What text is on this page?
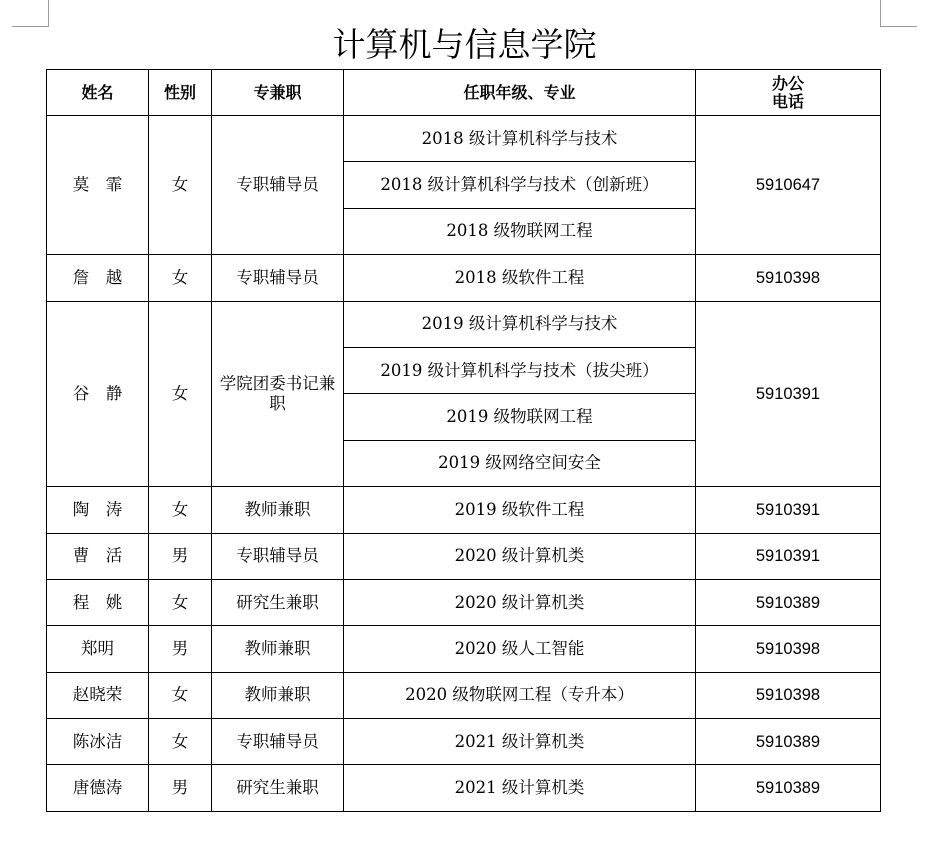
计算机与信息学院
姓名	性别	专兼职	任职年级、专业	办公
电话

莫　霏	女	专职辅导员	2018 级计算机科学与技术	5910647
			2018 级计算机科学与技术（创新班）	
			2018 级物联网工程	
詹　越	女	专职辅导员	2018 级软件工程	5910398
谷　静	女	学院团委书记兼职	2019 级计算机科学与技术	5910391
			2019 级计算机科学与技术（拔尖班）	
			2019 级物联网工程	
			2019 级网络空间安全	
陶　涛	女	教师兼职	2019 级软件工程	5910391
曹　活	男	专职辅导员	2020 级计算机类	5910391
程　姚	女	研究生兼职	2020 级计算机类	5910389
郑明	男	教师兼职	2020 级人工智能	5910398
赵晓荣	女	教师兼职	2020 级物联网工程（专升本）	5910398
陈冰洁	女	专职辅导员	2021 级计算机类	5910389
唐德涛	男	研究生兼职	2021 级计算机类	5910389
